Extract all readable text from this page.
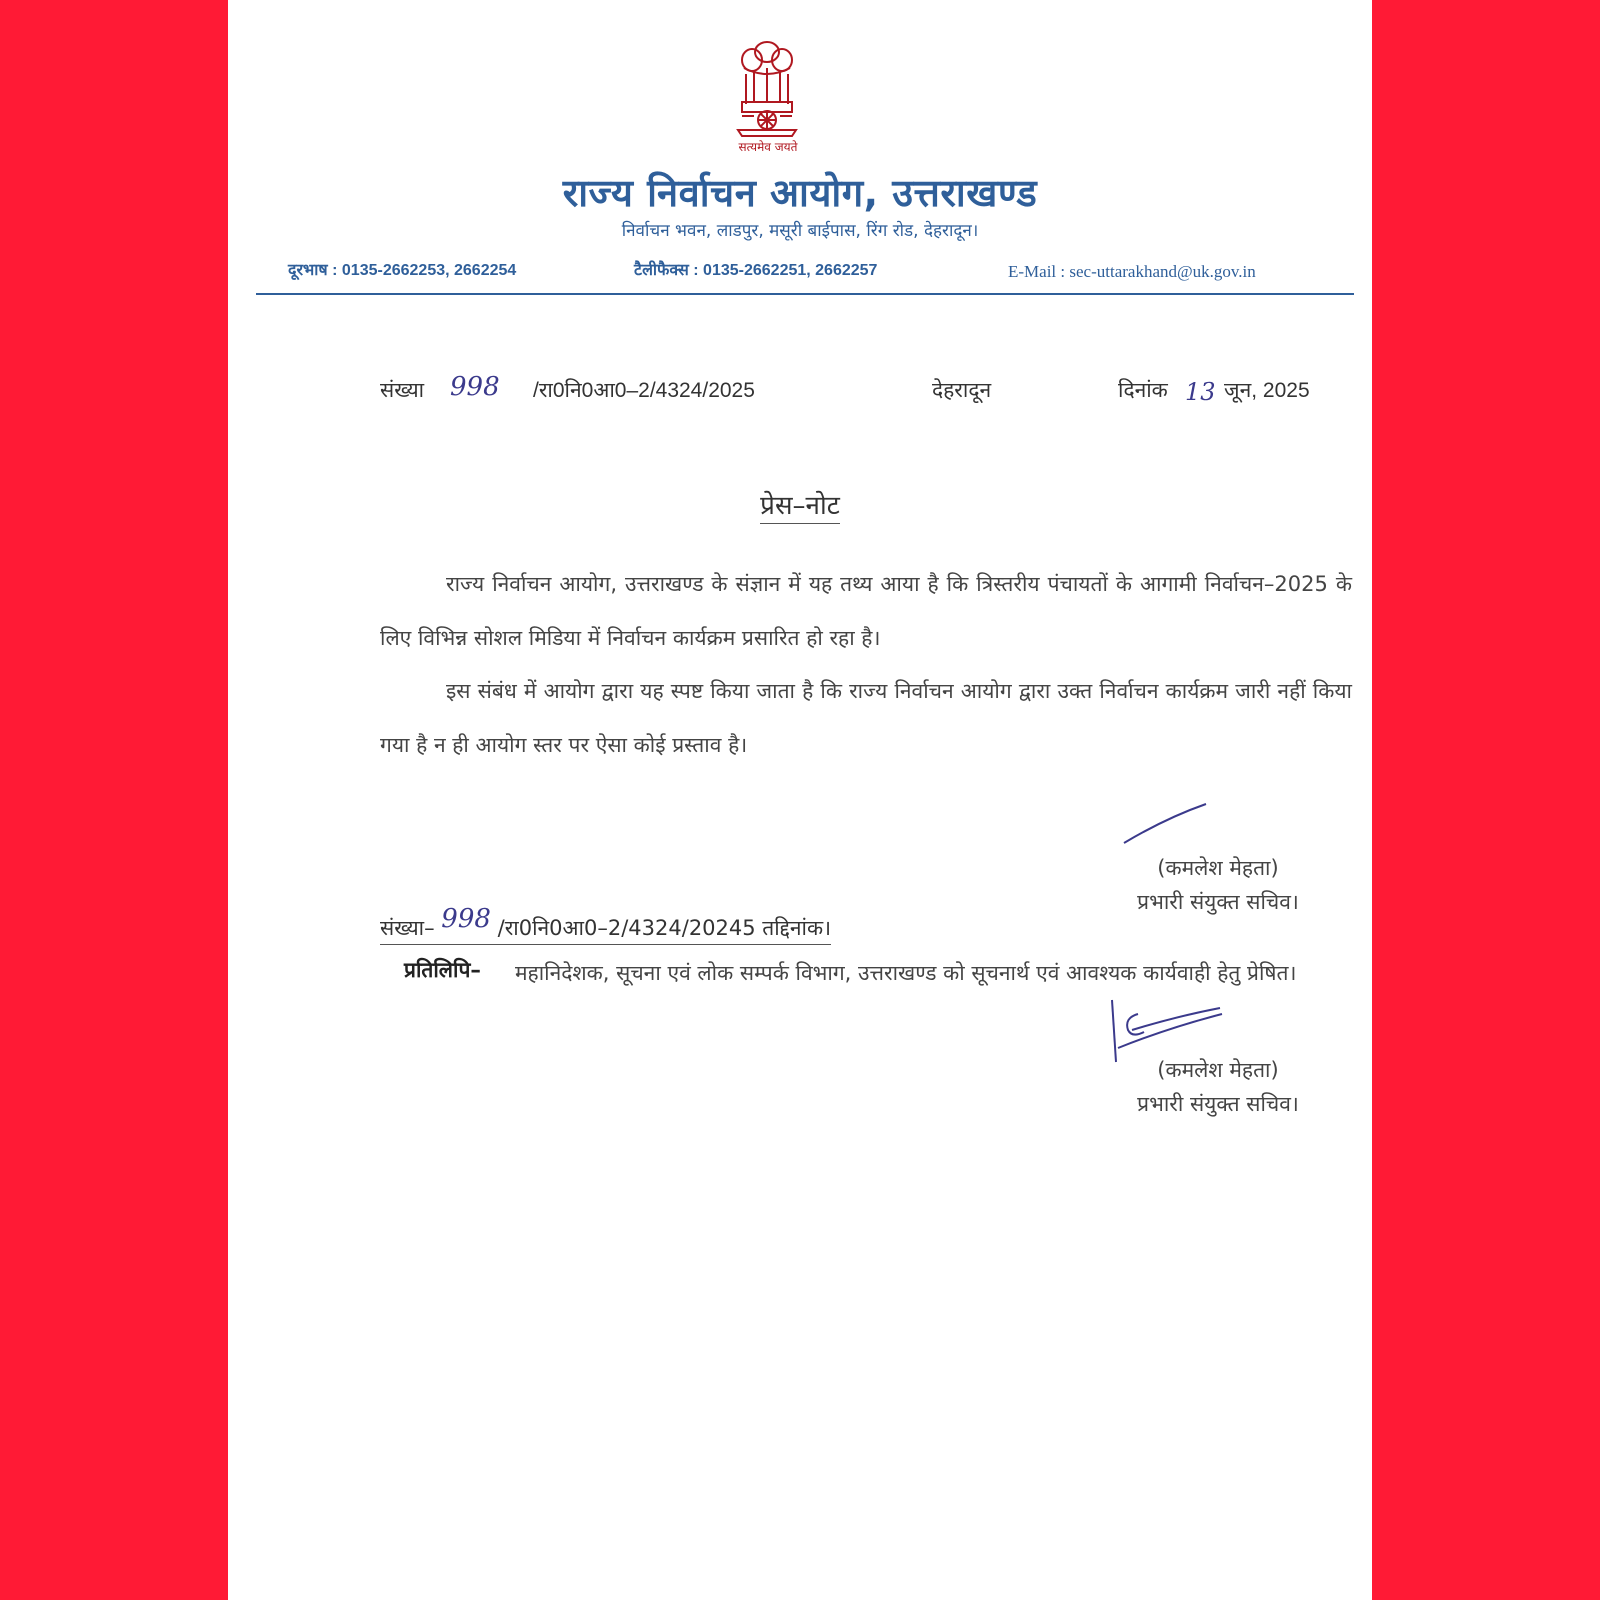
सत्यमेव जयते
राज्य निर्वाचन आयोग, उत्तराखण्ड
निर्वाचन भवन, लाडपुर, मसूरी बाईपास, रिंग रोड, देहरादून।
दूरभाष : 0135-2662253, 2662254	टैलीफैक्स : 0135-2662251, 2662257	E-Mail : sec-uttarakhand@uk.gov.in
संख्या 998 /रा0नि0आ0–2/4324/2025	देहरादून	दिनांक 13 जून, 2025
प्रेस–नोट
राज्य निर्वाचन आयोग, उत्तराखण्ड के संज्ञान में यह तथ्य आया है कि त्रिस्तरीय पंचायतों के आगामी निर्वाचन–2025 के लिए विभिन्न सोशल मिडिया में निर्वाचन कार्यक्रम प्रसारित हो रहा है।
इस संबंध में आयोग द्वारा यह स्पष्ट किया जाता है कि राज्य निर्वाचन आयोग द्वारा उक्त निर्वाचन कार्यक्रम जारी नहीं किया गया है न ही आयोग स्तर पर ऐसा कोई प्रस्ताव है।
(कमलेश मेहता)
प्रभारी संयुक्त सचिव।
संख्या– 998 /रा0नि0आ0–2/4324/20245 तद्दिनांक।
प्रतिलिपि– महानिदेशक, सूचना एवं लोक सम्पर्क विभाग, उत्तराखण्ड को सूचनार्थ एवं आवश्यक कार्यवाही हेतु प्रेषित।
(कमलेश मेहता)
प्रभारी संयुक्त सचिव।
